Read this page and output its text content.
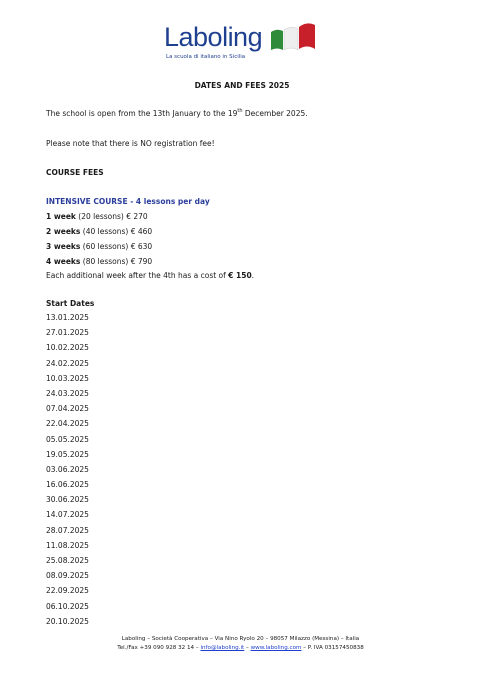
Laboling
La scuola di italiano in Sicilia
DATES AND FEES 2025
The school is open from the 13th January to the 19th December 2025.
Please note that there is NO registration fee!
COURSE FEES
INTENSIVE COURSE - 4 lessons per day
1 week (20 lessons) € 270
2 weeks (40 lessons) € 460
3 weeks (60 lessons) € 630
4 weeks (80 lessons) € 790
Each additional week after the 4th has a cost of € 150.
Start Dates
13.01.2025
27.01.2025
10.02.2025
24.02.2025
10.03.2025
24.03.2025
07.04.2025
22.04.2025
05.05.2025
19.05.2025
03.06.2025
16.06.2025
30.06.2025
14.07.2025
28.07.2025
11.08.2025
25.08.2025
08.09.2025
22.09.2025
06.10.2025
20.10.2025
Laboling – Società Cooperativa – Via Nino Ryolo 20 – 98057 Milazzo (Messina) – Italia
Tel./Fax +39 090 928 32 14 – info@laboling.it – www.laboling.com – P. IVA 03157450838
